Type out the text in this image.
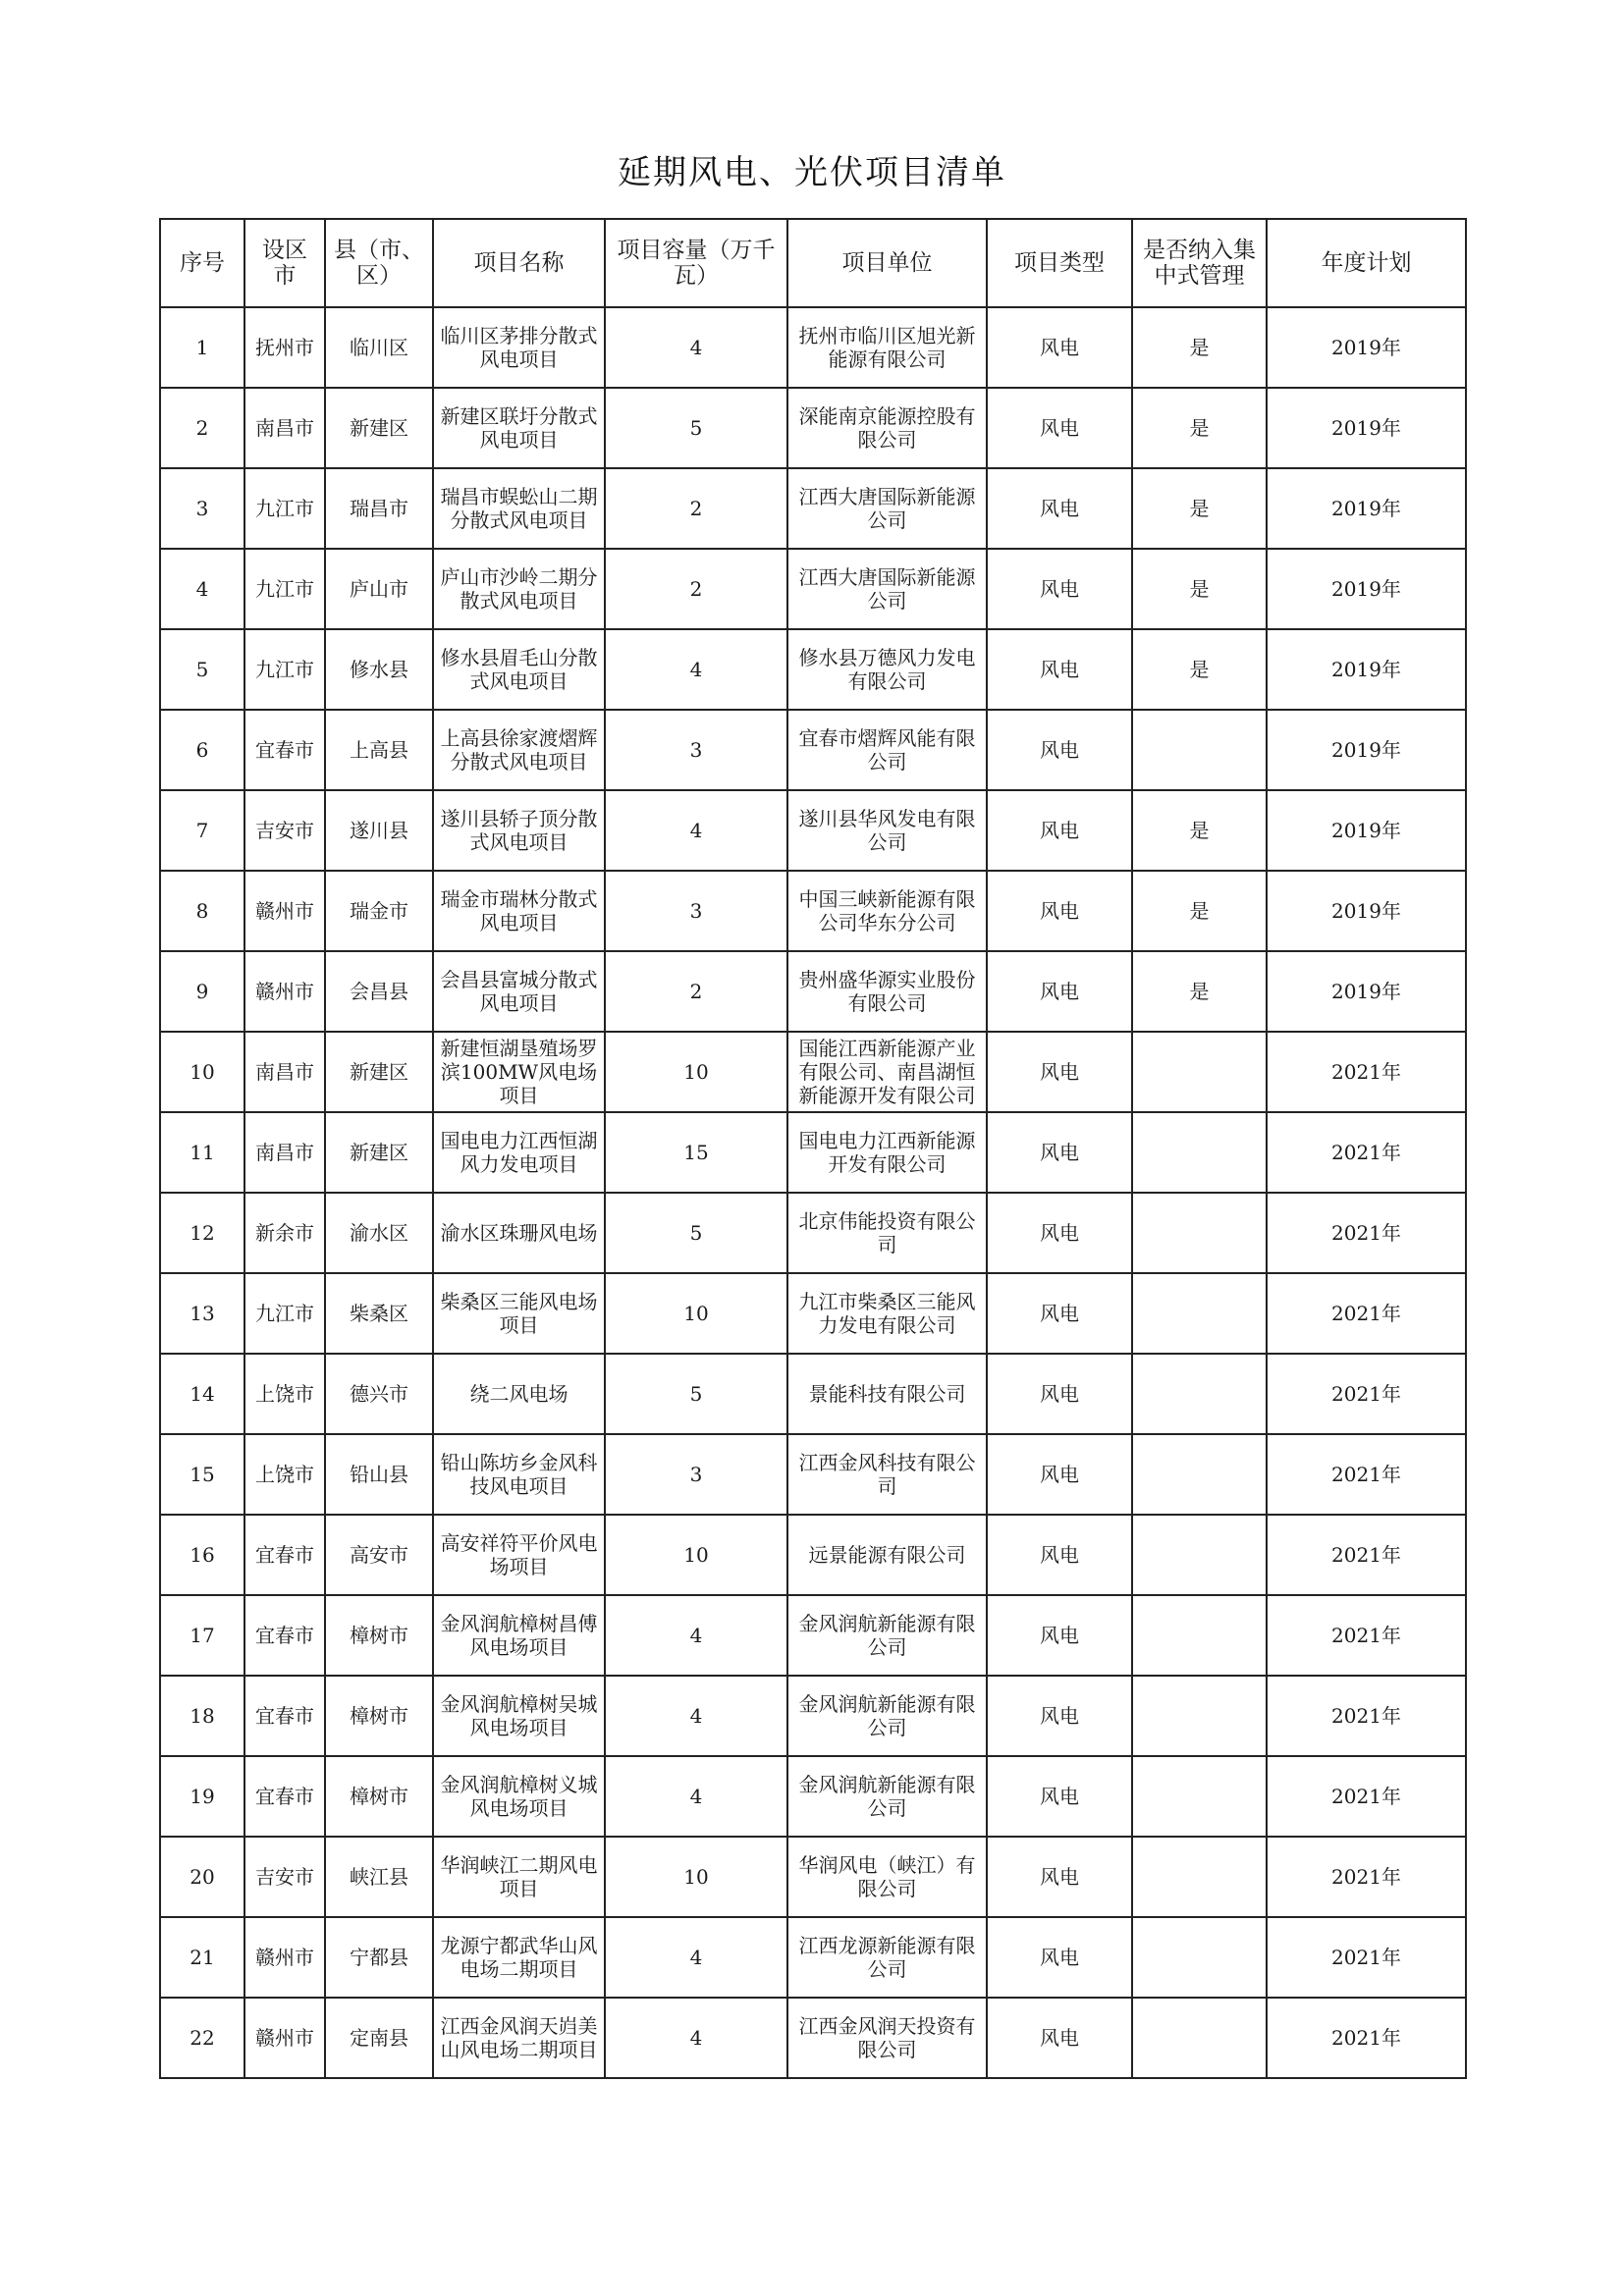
延期风电、光伏项目清单
序号	设区市	县（市、区）	项目名称	项目容量（万千瓦）	项目单位	项目类型	是否纳入集中式管理	年度计划
1	抚州市	临川区	临川区茅排分散式风电项目	4	抚州市临川区旭光新能源有限公司	风电	是	2019年
2	南昌市	新建区	新建区联圩分散式风电项目	5	深能南京能源控股有限公司	风电	是	2019年
3	九江市	瑞昌市	瑞昌市蜈蚣山二期分散式风电项目	2	江西大唐国际新能源公司	风电	是	2019年
4	九江市	庐山市	庐山市沙岭二期分散式风电项目	2	江西大唐国际新能源公司	风电	是	2019年
5	九江市	修水县	修水县眉毛山分散式风电项目	4	修水县万德风力发电有限公司	风电	是	2019年
6	宜春市	上高县	上高县徐家渡熠辉分散式风电项目	3	宜春市熠辉风能有限公司	风电		2019年
7	吉安市	遂川县	遂川县轿子顶分散式风电项目	4	遂川县华风发电有限公司	风电	是	2019年
8	赣州市	瑞金市	瑞金市瑞林分散式风电项目	3	中国三峡新能源有限公司华东分公司	风电	是	2019年
9	赣州市	会昌县	会昌县富城分散式风电项目	2	贵州盛华源实业股份有限公司	风电	是	2019年
10	南昌市	新建区	新建恒湖垦殖场罗滨100MW风电场项目	10	国能江西新能源产业有限公司、南昌湖恒新能源开发有限公司	风电		2021年
11	南昌市	新建区	国电电力江西恒湖风力发电项目	15	国电电力江西新能源开发有限公司	风电		2021年
12	新余市	渝水区	渝水区珠珊风电场	5	北京伟能投资有限公司	风电		2021年
13	九江市	柴桑区	柴桑区三能风电场项目	10	九江市柴桑区三能风力发电有限公司	风电		2021年
14	上饶市	德兴市	绕二风电场	5	景能科技有限公司	风电		2021年
15	上饶市	铅山县	铅山陈坊乡金风科技风电项目	3	江西金风科技有限公司	风电		2021年
16	宜春市	高安市	高安祥符平价风电场项目	10	远景能源有限公司	风电		2021年
17	宜春市	樟树市	金风润航樟树昌傅风电场项目	4	金风润航新能源有限公司	风电		2021年
18	宜春市	樟树市	金风润航樟树吴城风电场项目	4	金风润航新能源有限公司	风电		2021年
19	宜春市	樟树市	金风润航樟树义城风电场项目	4	金风润航新能源有限公司	风电		2021年
20	吉安市	峡江县	华润峡江二期风电项目	10	华润风电（峡江）有限公司	风电		2021年
21	赣州市	宁都县	龙源宁都武华山风电场二期项目	4	江西龙源新能源有限公司	风电		2021年
22	赣州市	定南县	江西金风润天岿美山风电场二期项目	4	江西金风润天投资有限公司	风电		2021年
